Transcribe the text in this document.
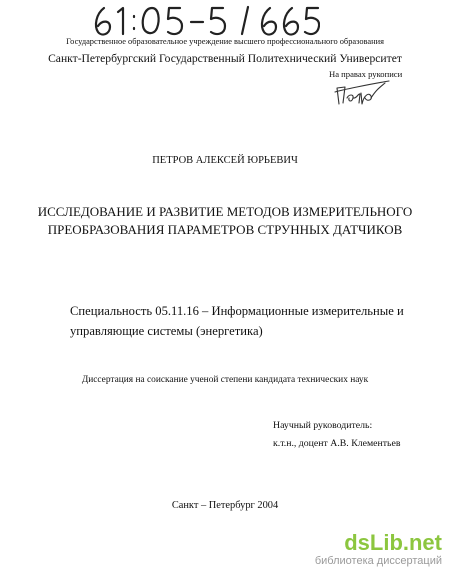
Государственное образовательное учреждение высшего профессионального образования
Санкт-Петербургский Государственный Политехнический Университет
На правах рукописи
ПЕТРОВ АЛЕКСЕЙ ЮРЬЕВИЧ
ИССЛЕДОВАНИЕ И РАЗВИТИЕ МЕТОДОВ ИЗМЕРИТЕЛЬНОГО
ПРЕОБРАЗОВАНИЯ ПАРАМЕТРОВ СТРУННЫХ ДАТЧИКОВ
Специальность 05.11.16 – Информационные измерительные и
управляющие системы (энергетика)
Диссертация на соискание ученой степени кандидата технических наук
Научный руководитель:
к.т.н., доцент А.В. Клементьев
Санкт – Петербург 2004
dsLib.net
библиотека диссертаций
